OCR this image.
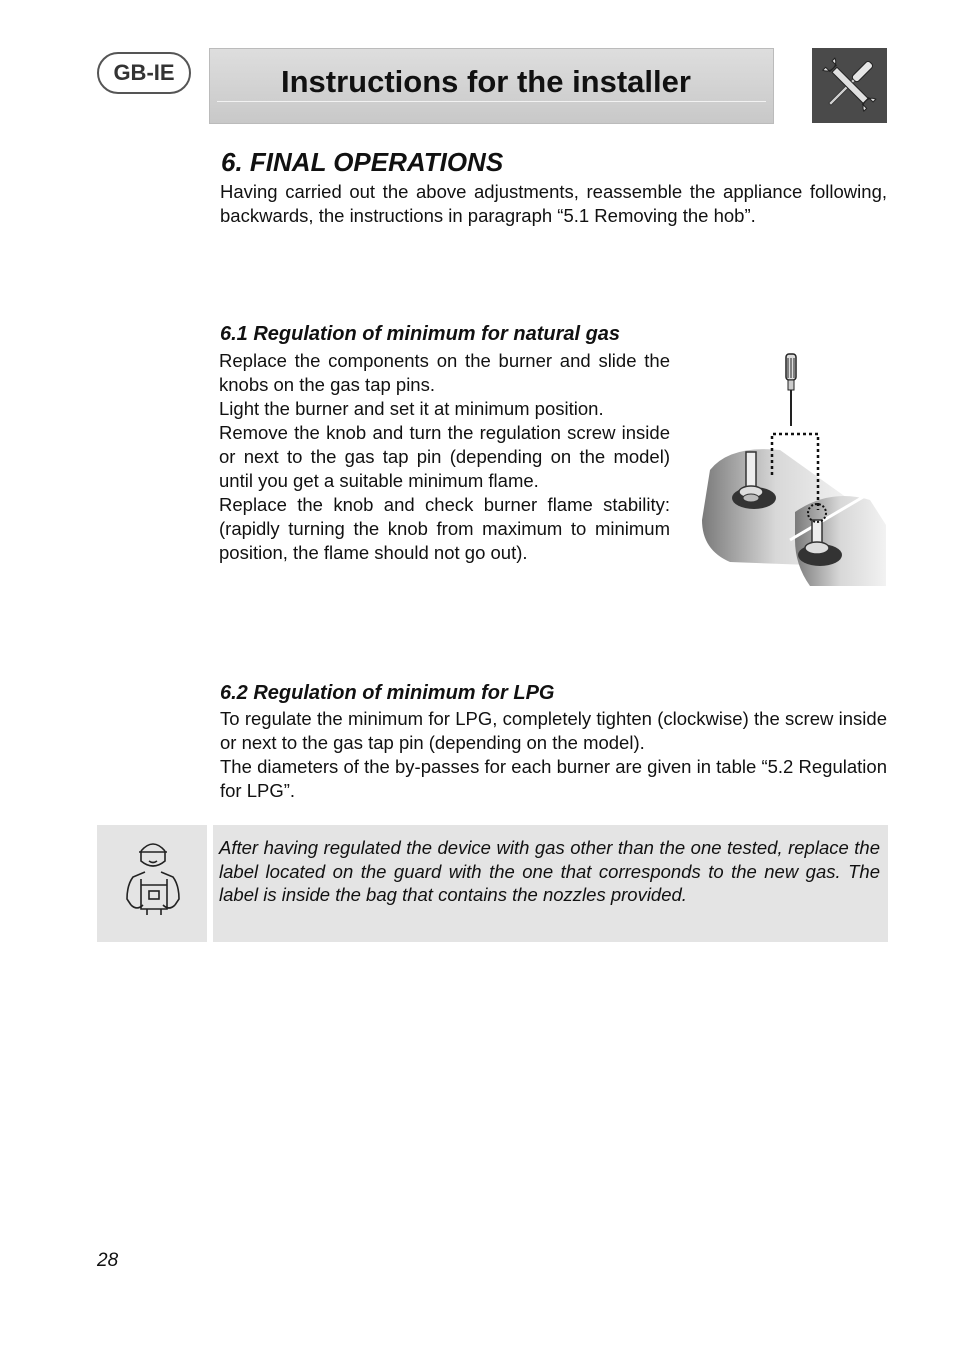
GB-IE	Instructions for the installer
6. FINAL OPERATIONS

Having carried out the above adjustments, reassemble the appliance following, backwards, the instructions in paragraph “5.1 Removing the hob”.

6.1 Regulation of minimum for natural gas

Replace the components on the burner and slide the knobs on the gas tap pins.

Light the burner and set it at minimum position.

Remove the knob and turn the regulation screw inside or next to the gas tap pin (depending on the model) until you get a suitable minimum flame.

Replace the knob and check burner flame stability: (rapidly turning the knob from maximum to minimum position, the flame should not go out).

6.2 Regulation of minimum for LPG

To regulate the minimum for LPG, completely tighten (clockwise) the screw inside or next to the gas tap pin (depending on the model).

The diameters of the by-passes for each burner are given in table “5.2 Regulation for LPG”.

After having regulated the device with gas other than the one tested, replace the label located on the guard with the one that corresponds to the new gas. The label is inside the bag that contains the nozzles provided.
28
